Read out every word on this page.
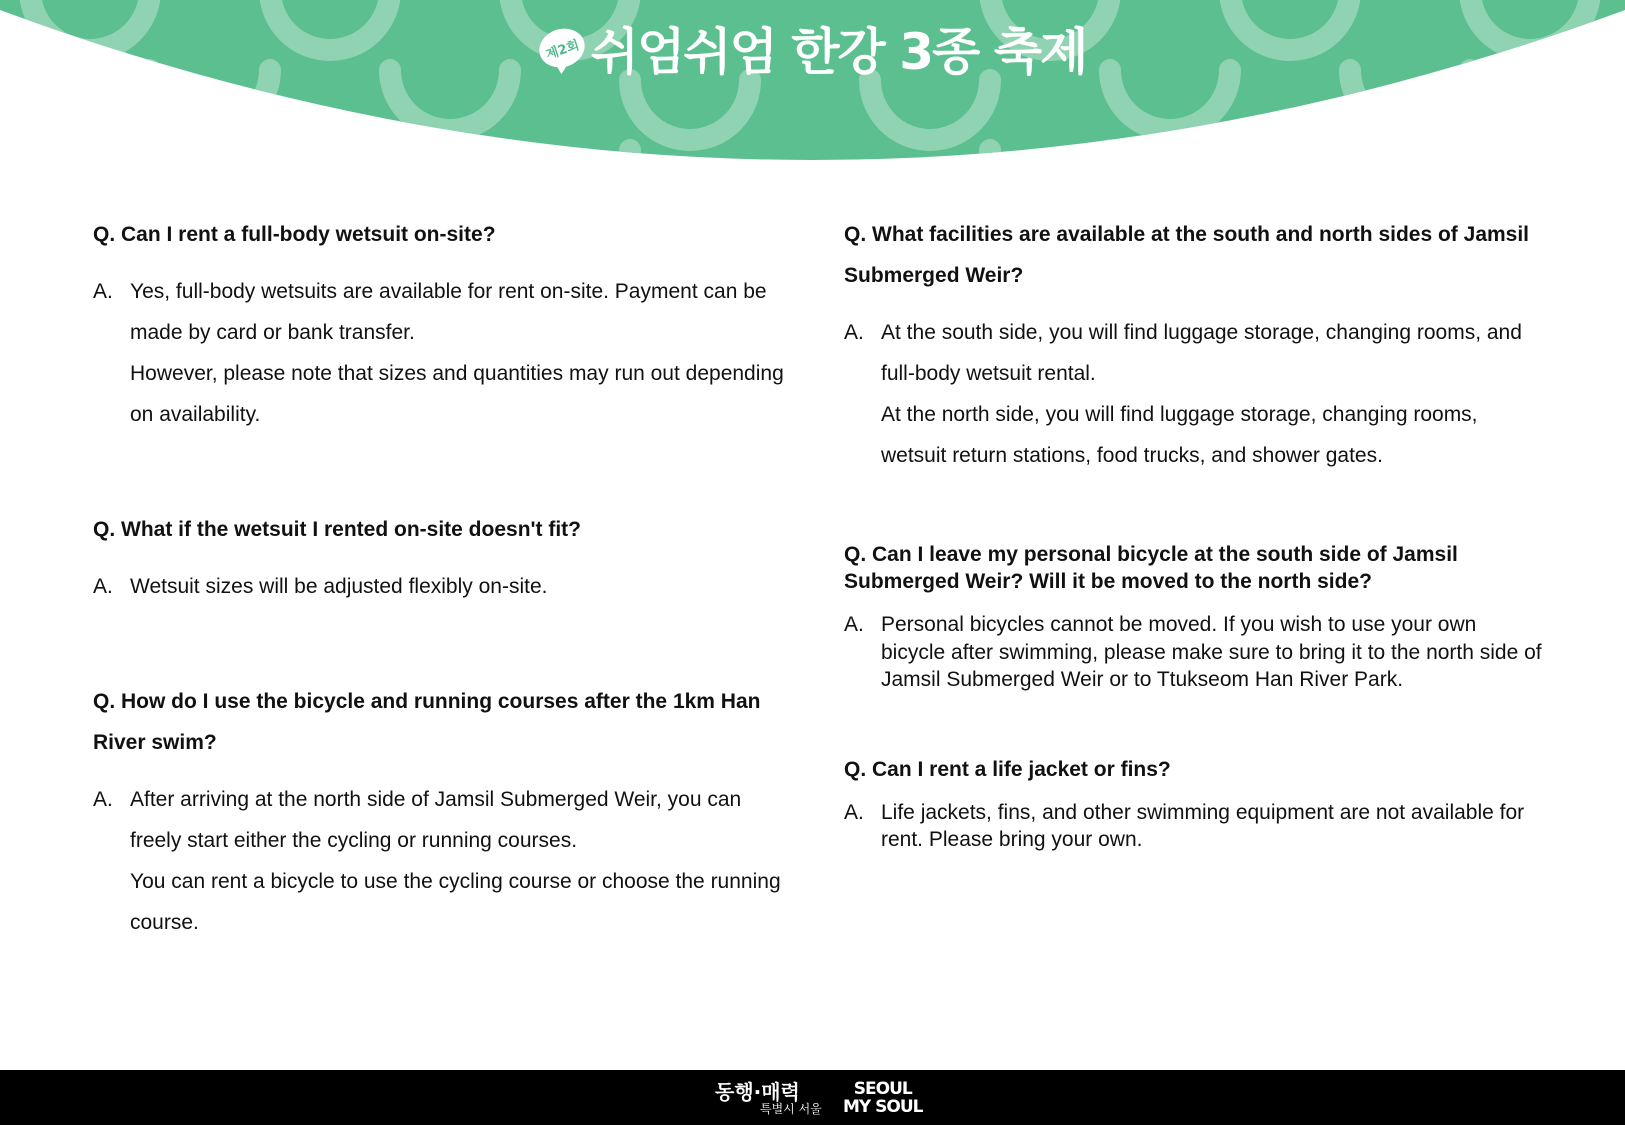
제2회 쉬엄쉬엄 한강 3종 축제

Q. Can I rent a full-body wetsuit on-site?

A. Yes, full-body wetsuits are available for rent on-site. Payment can be made by card or bank transfer.

However, please note that sizes and quantities may run out depending on availability.

Q. What if the wetsuit I rented on-site doesn't fit?

A. Wetsuit sizes will be adjusted flexibly on-site.

Q. How do I use the bicycle and running courses after the 1km Han River swim?

A. After arriving at the north side of Jamsil Submerged Weir, you can freely start either the cycling or running courses.

You can rent a bicycle to use the cycling course or choose the running course.

Q. What facilities are available at the south and north sides of Jamsil Submerged Weir?

A. At the south side, you will find luggage storage, changing rooms, and full-body wetsuit rental.

At the north side, you will find luggage storage, changing rooms, wetsuit return stations, food trucks, and shower gates.

Q. Can I leave my personal bicycle at the south side of Jamsil Submerged Weir? Will it be moved to the north side?

A. Personal bicycles cannot be moved. If you wish to use your own bicycle after swimming, please make sure to bring it to the north side of Jamsil Submerged Weir or to Ttukseom Han River Park.

Q. Can I rent a life jacket or fins?

A. Life jackets, fins, and other swimming equipment are not available for rent. Please bring your own.

동행·매력
특별시 서울
SEOUL
MY SOUL
